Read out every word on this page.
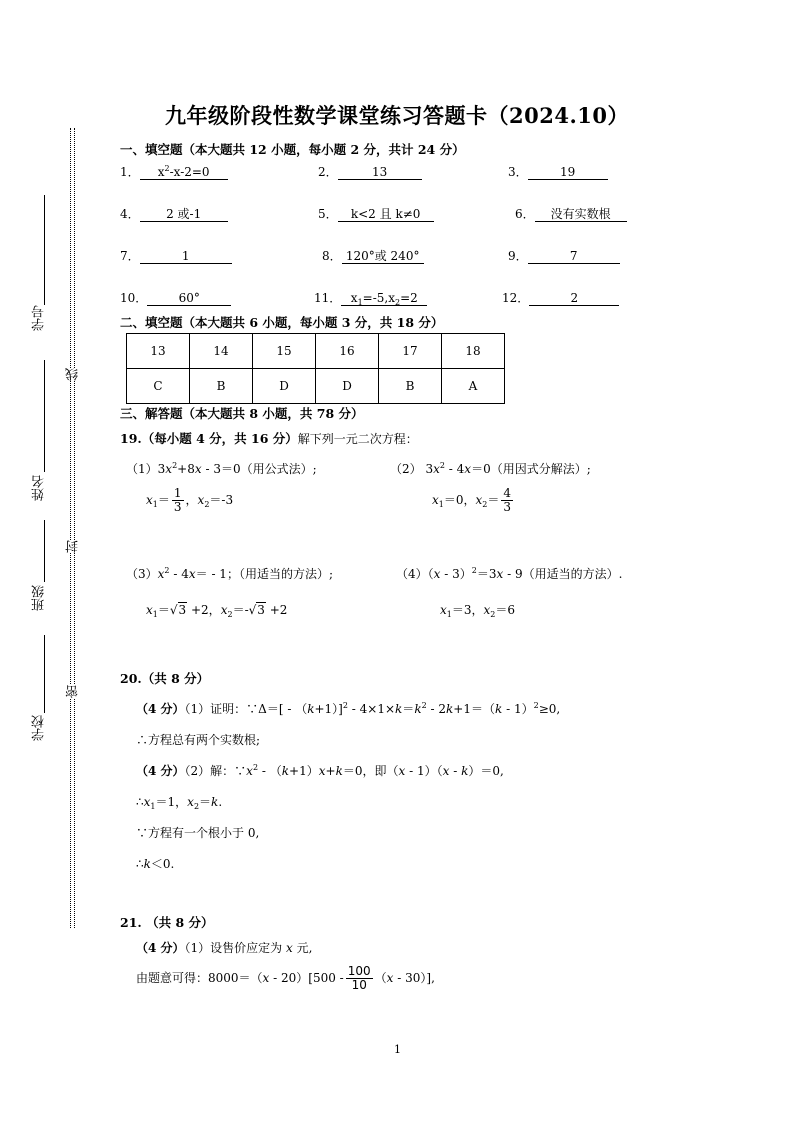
学号
姓名
班级
学校
线
封
密
九年级阶段性数学课堂练习答题卡（2024.10）
一、填空题（本大题共 12 小题，每小题 2 分，共计 24 分）
1． $x^2-x-2=0$	2．	13	3．	19
4． 2 或-1	5． k<2 且 k≠0	6． 没有实数根
7．	1	8． 120°或 240°	9．	7
10．	60°	11． $x_1=-5,x_2=2$	12．	2
二、填空题（本大题共 6 小题，每小题 3 分，共 18 分）
13	14	15	16	17	18
C	B	D	D	B	A
三、解答题（本大题共 8 小题，共 78 分）
19.（每小题 4 分，共 16 分）解下列一元二次方程：
$(1)3x^2+8x - 3=0$（用公式法）;
$x_1= \frac{1}{3}$ ，$x_2=-3$
（2） $3x^2 - 4x=0$（用因式分解法）;
$x_1=0$，$x_2= \frac{4}{3}$
$(3)x^2 - 4x= - 1$；（用适当的方法）;
$x_1=√3 +2$，$x_2=-√3 +2$
（4）（x - 3）$^2$＝3x - 9（用适当的方法）.
$x_1=3$，$x_2=6$
20.（共 8 分）
（4 分）（1）证明：∵Δ＝[ - $(k+1)]^2 - 4\times 1\times k=k^2 - 2k+1=(k - 1)^2\ge 0$,
∴方程总有两个实数根;
（4 分）（2）解：$\because x^2 - (k+1)x+k=0$，即（x - 1）（x - k）＝0,
$\therefore x_1=1$，$x_2=k$.
∵方程有一个根小于 0,
∴k＜0.
21. （共 8 分）
（4 分）（1）设售价应定为 x 元,
由题意可得：$8000=(x - 20)[500 - \frac{100}{10} (x - 30)]$,
1
